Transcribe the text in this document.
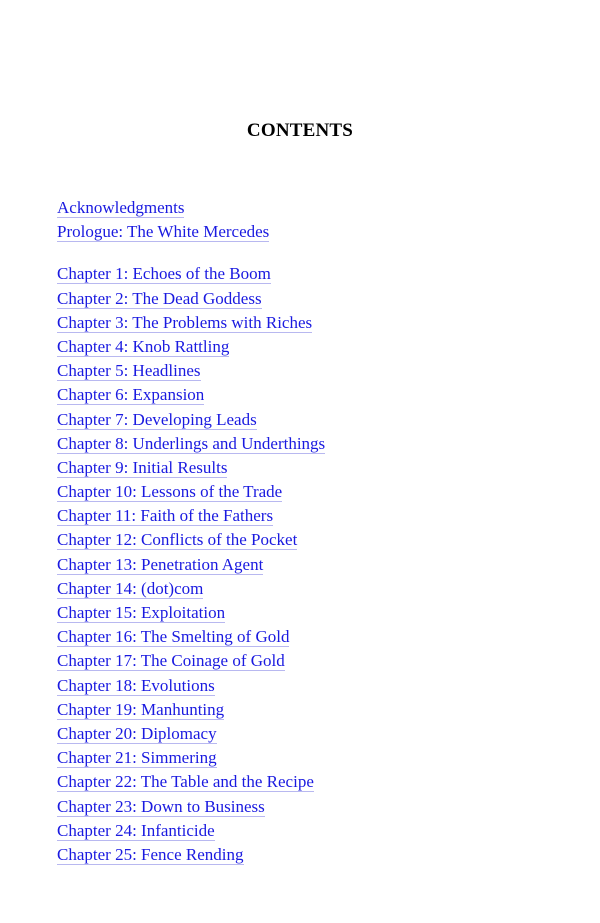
CONTENTS
Acknowledgments
Prologue: The White Mercedes
Chapter 1: Echoes of the Boom
Chapter 2: The Dead Goddess
Chapter 3: The Problems with Riches
Chapter 4: Knob Rattling
Chapter 5: Headlines
Chapter 6: Expansion
Chapter 7: Developing Leads
Chapter 8: Underlings and Underthings
Chapter 9: Initial Results
Chapter 10: Lessons of the Trade
Chapter 11: Faith of the Fathers
Chapter 12: Conflicts of the Pocket
Chapter 13: Penetration Agent
Chapter 14: (dot)com
Chapter 15: Exploitation
Chapter 16: The Smelting of Gold
Chapter 17: The Coinage of Gold
Chapter 18: Evolutions
Chapter 19: Manhunting
Chapter 20: Diplomacy
Chapter 21: Simmering
Chapter 22: The Table and the Recipe
Chapter 23: Down to Business
Chapter 24: Infanticide
Chapter 25: Fence Rending
